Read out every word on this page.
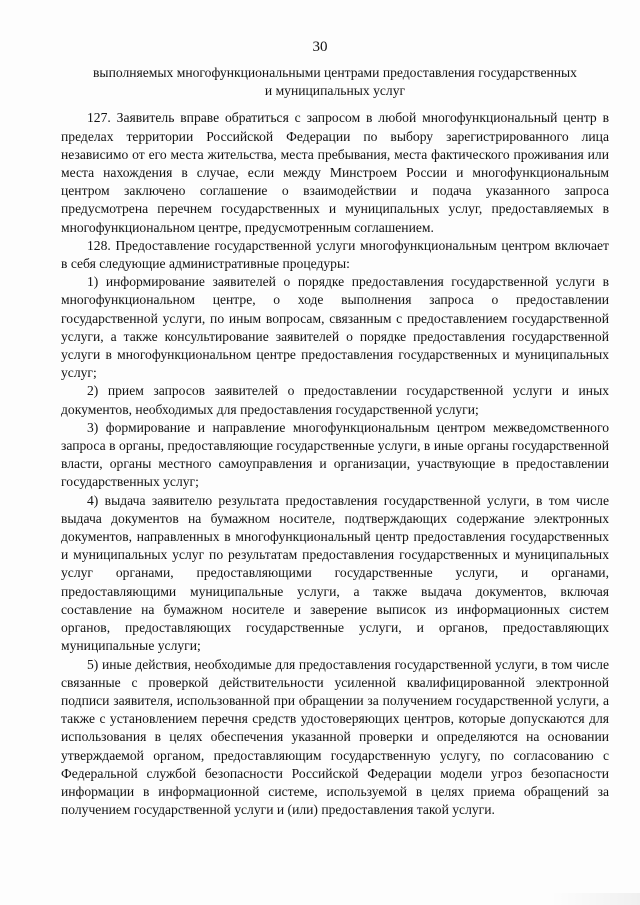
30
выполняемых многофункциональными центрами предоставления государственных
и муниципальных услуг

127. Заявитель вправе обратиться с запросом в любой многофункциональный центр в пределах территории Российской Федерации по выбору зарегистрированного лица независимо от его места жительства, места пребывания, места фактического проживания или места нахождения в случае, если между Минстроем России и многофункциональным центром заключено соглашение о взаимодействии и подача указанного запроса предусмотрена перечнем государственных и муниципальных услуг, предоставляемых в многофункциональном центре, предусмотренным соглашением.

128. Предоставление государственной услуги многофункциональным центром включает в себя следующие административные процедуры:

1) информирование заявителей о порядке предоставления государственной услуги в многофункциональном центре, о ходе выполнения запроса о предоставлении государственной услуги, по иным вопросам, связанным с предоставлением государственной услуги, а также консультирование заявителей о порядке предоставления государственной услуги в многофункциональном центре предоставления государственных и муниципальных услуг;

2) прием запросов заявителей о предоставлении государственной услуги и иных документов, необходимых для предоставления государственной услуги;

3) формирование и направление многофункциональным центром межведомственного запроса в органы, предоставляющие государственные услуги, в иные органы государственной власти, органы местного самоуправления и организации, участвующие в предоставлении государственных услуг;

4) выдача заявителю результата предоставления государственной услуги, в том числе выдача документов на бумажном носителе, подтверждающих содержание электронных документов, направленных в многофункциональный центр предоставления государственных и муниципальных услуг по результатам предоставления государственных и муниципальных услуг органами, предоставляющими государственные услуги, и органами, предоставляющими муниципальные услуги, а также выдача документов, включая составление на бумажном носителе и заверение выписок из информационных систем органов, предоставляющих государственные услуги, и органов, предоставляющих муниципальные услуги;

5) иные действия, необходимые для предоставления государственной услуги, в том числе связанные с проверкой действительности усиленной квалифицированной электронной подписи заявителя, использованной при обращении за получением государственной услуги, а также с установлением перечня средств удостоверяющих центров, которые допускаются для использования в целях обеспечения указанной проверки и определяются на основании утверждаемой органом, предоставляющим государственную услугу, по согласованию с Федеральной службой безопасности Российской Федерации модели угроз безопасности информации в информационной системе, используемой в целях приема обращений за получением государственной услуги и (или) предоставления такой услуги.
